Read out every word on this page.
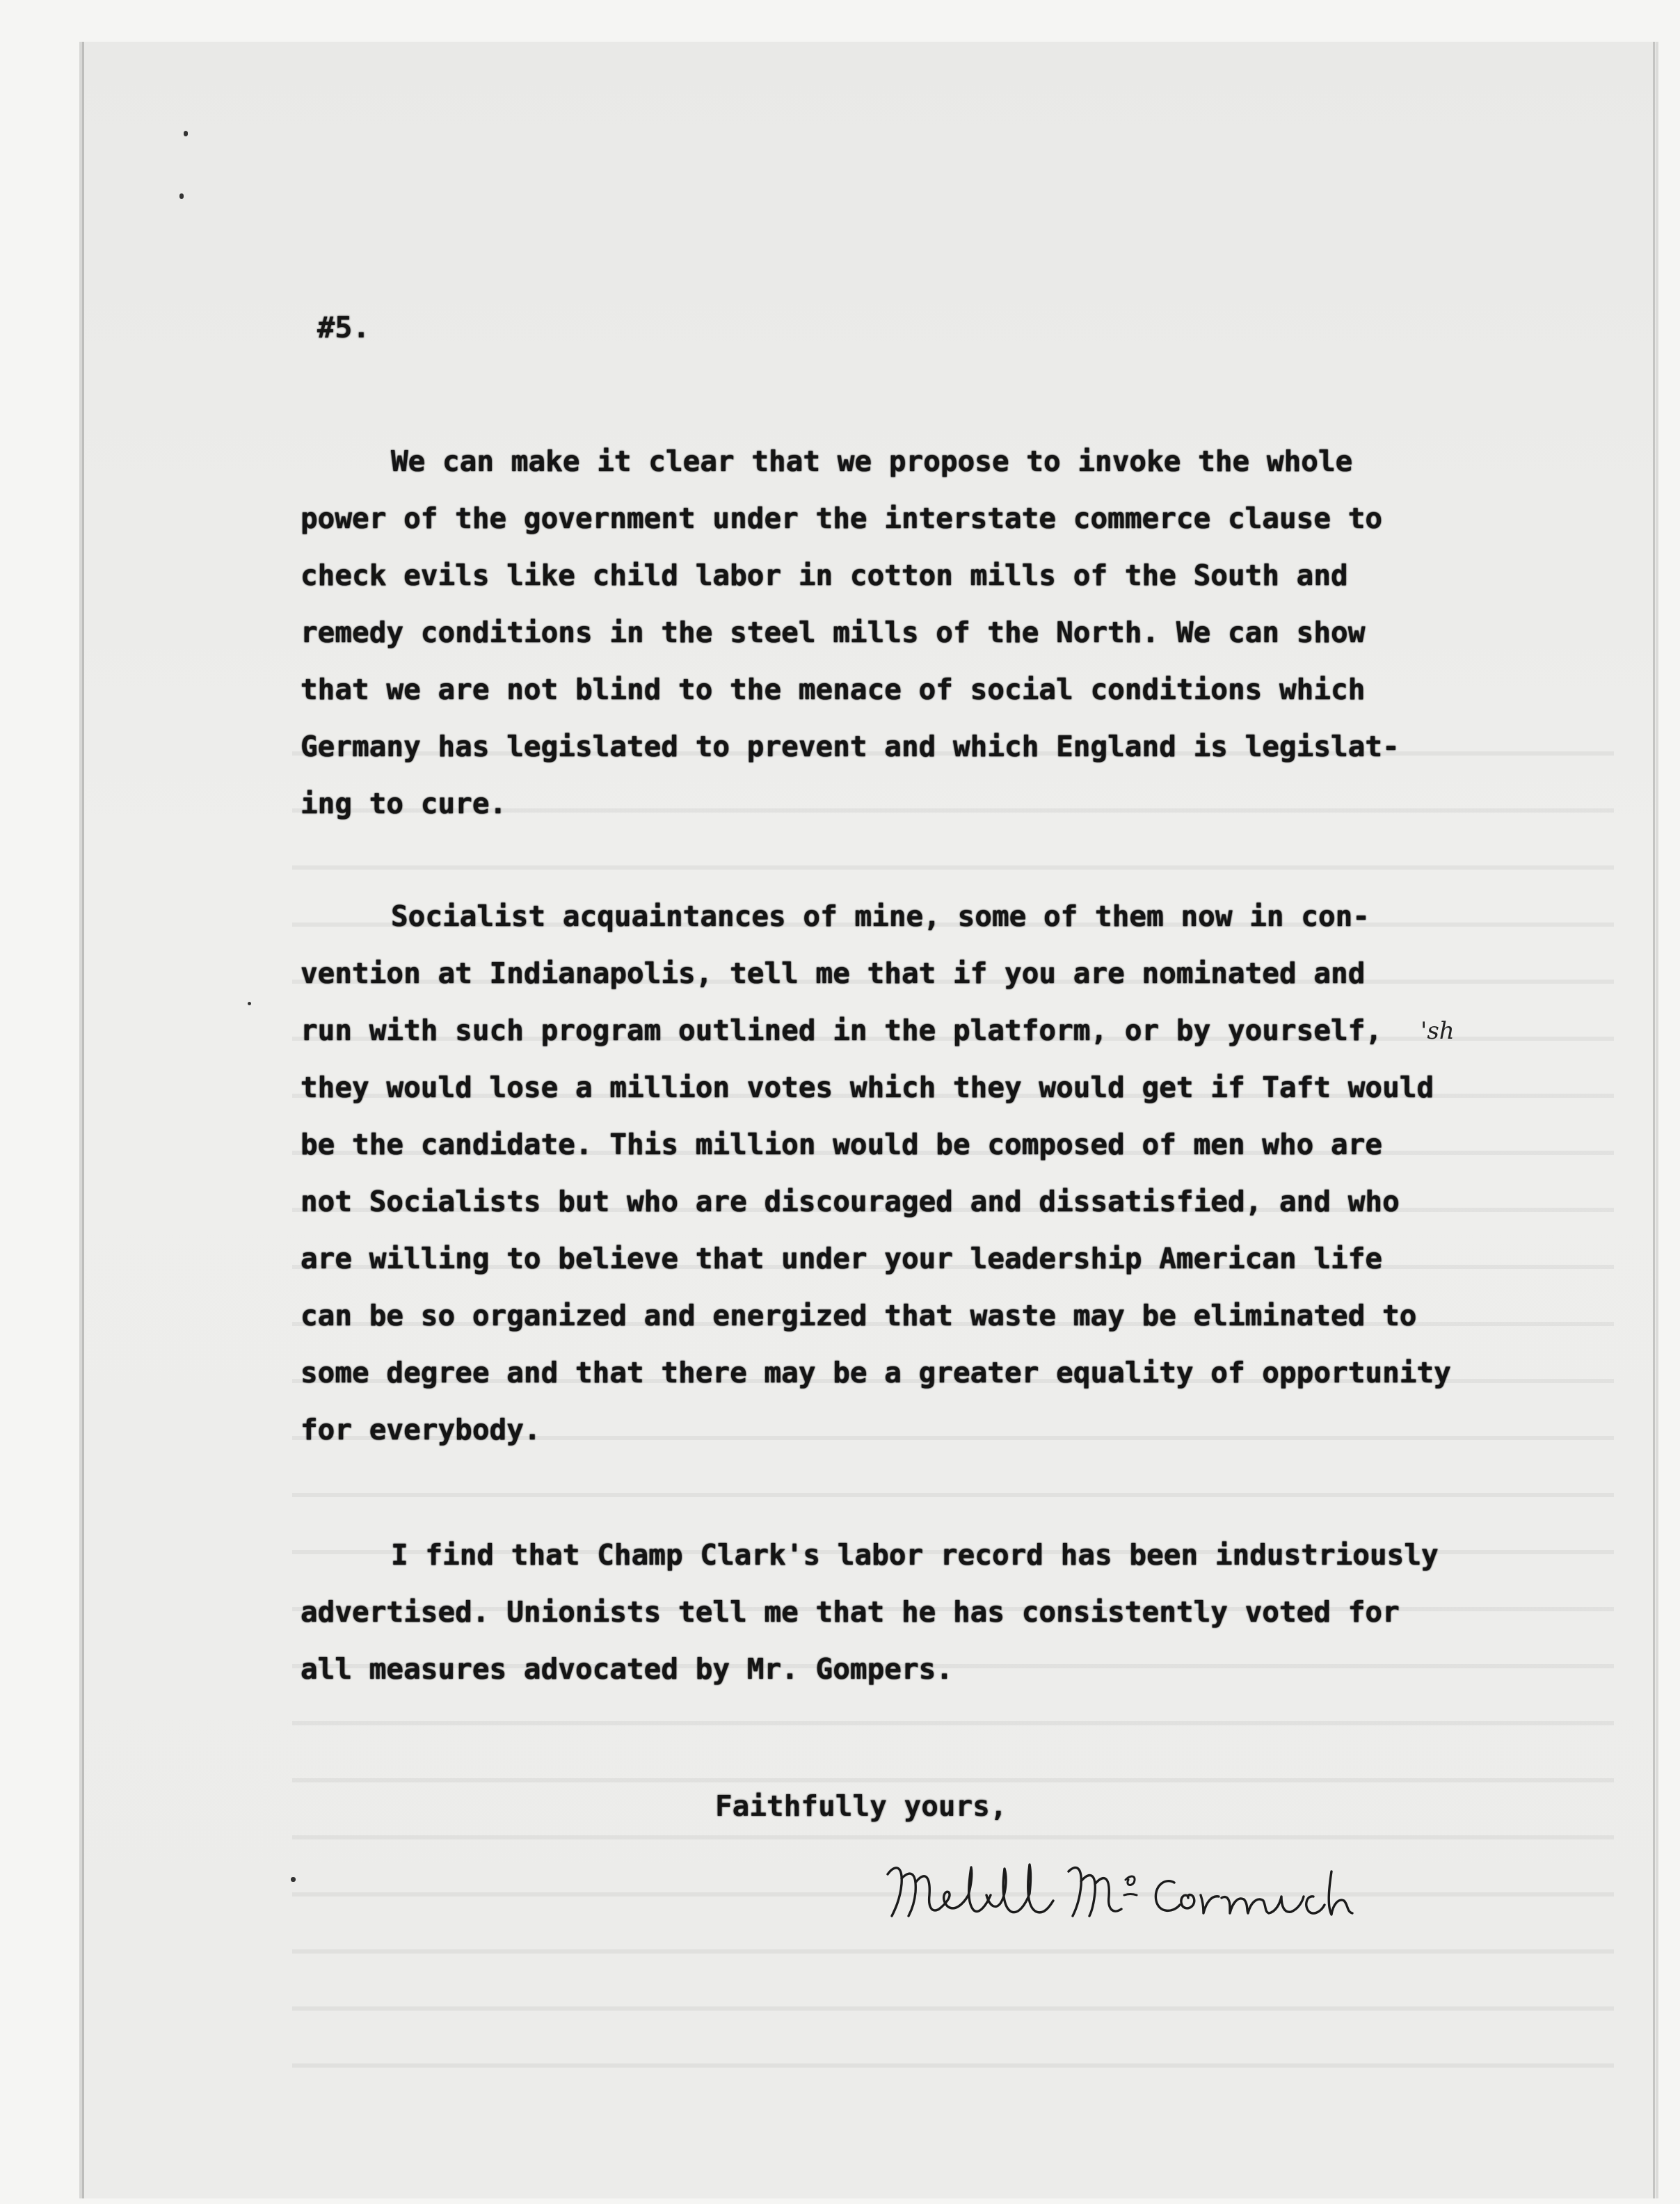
#5.
We can make it clear that we propose to invoke the whole
power of the government under the interstate commerce clause to
check evils like child labor in cotton mills of the South and
remedy conditions in the steel mills of the North. We can show
that we are not blind to the menace of social conditions which
Germany has legislated to prevent and which England is legislat-
ing to cure.
Socialist acquaintances of mine, some of them now in con-
vention at Indianapolis, tell me that if you are nominated and
run with such program outlined in the platform, or by yourself,
they would lose a million votes which they would get if Taft would
be the candidate. This million would be composed of men who are
not Socialists but who are discouraged and dissatisfied, and who
are willing to believe that under your leadership American life
can be so organized and energized that waste may be eliminated to
some degree and that there may be a greater equality of opportunity
for everybody.
I find that Champ Clark's labor record has been industriously
advertised. Unionists tell me that he has consistently voted for
all measures advocated by Mr. Gompers.
'sh
Faithfully yours,
